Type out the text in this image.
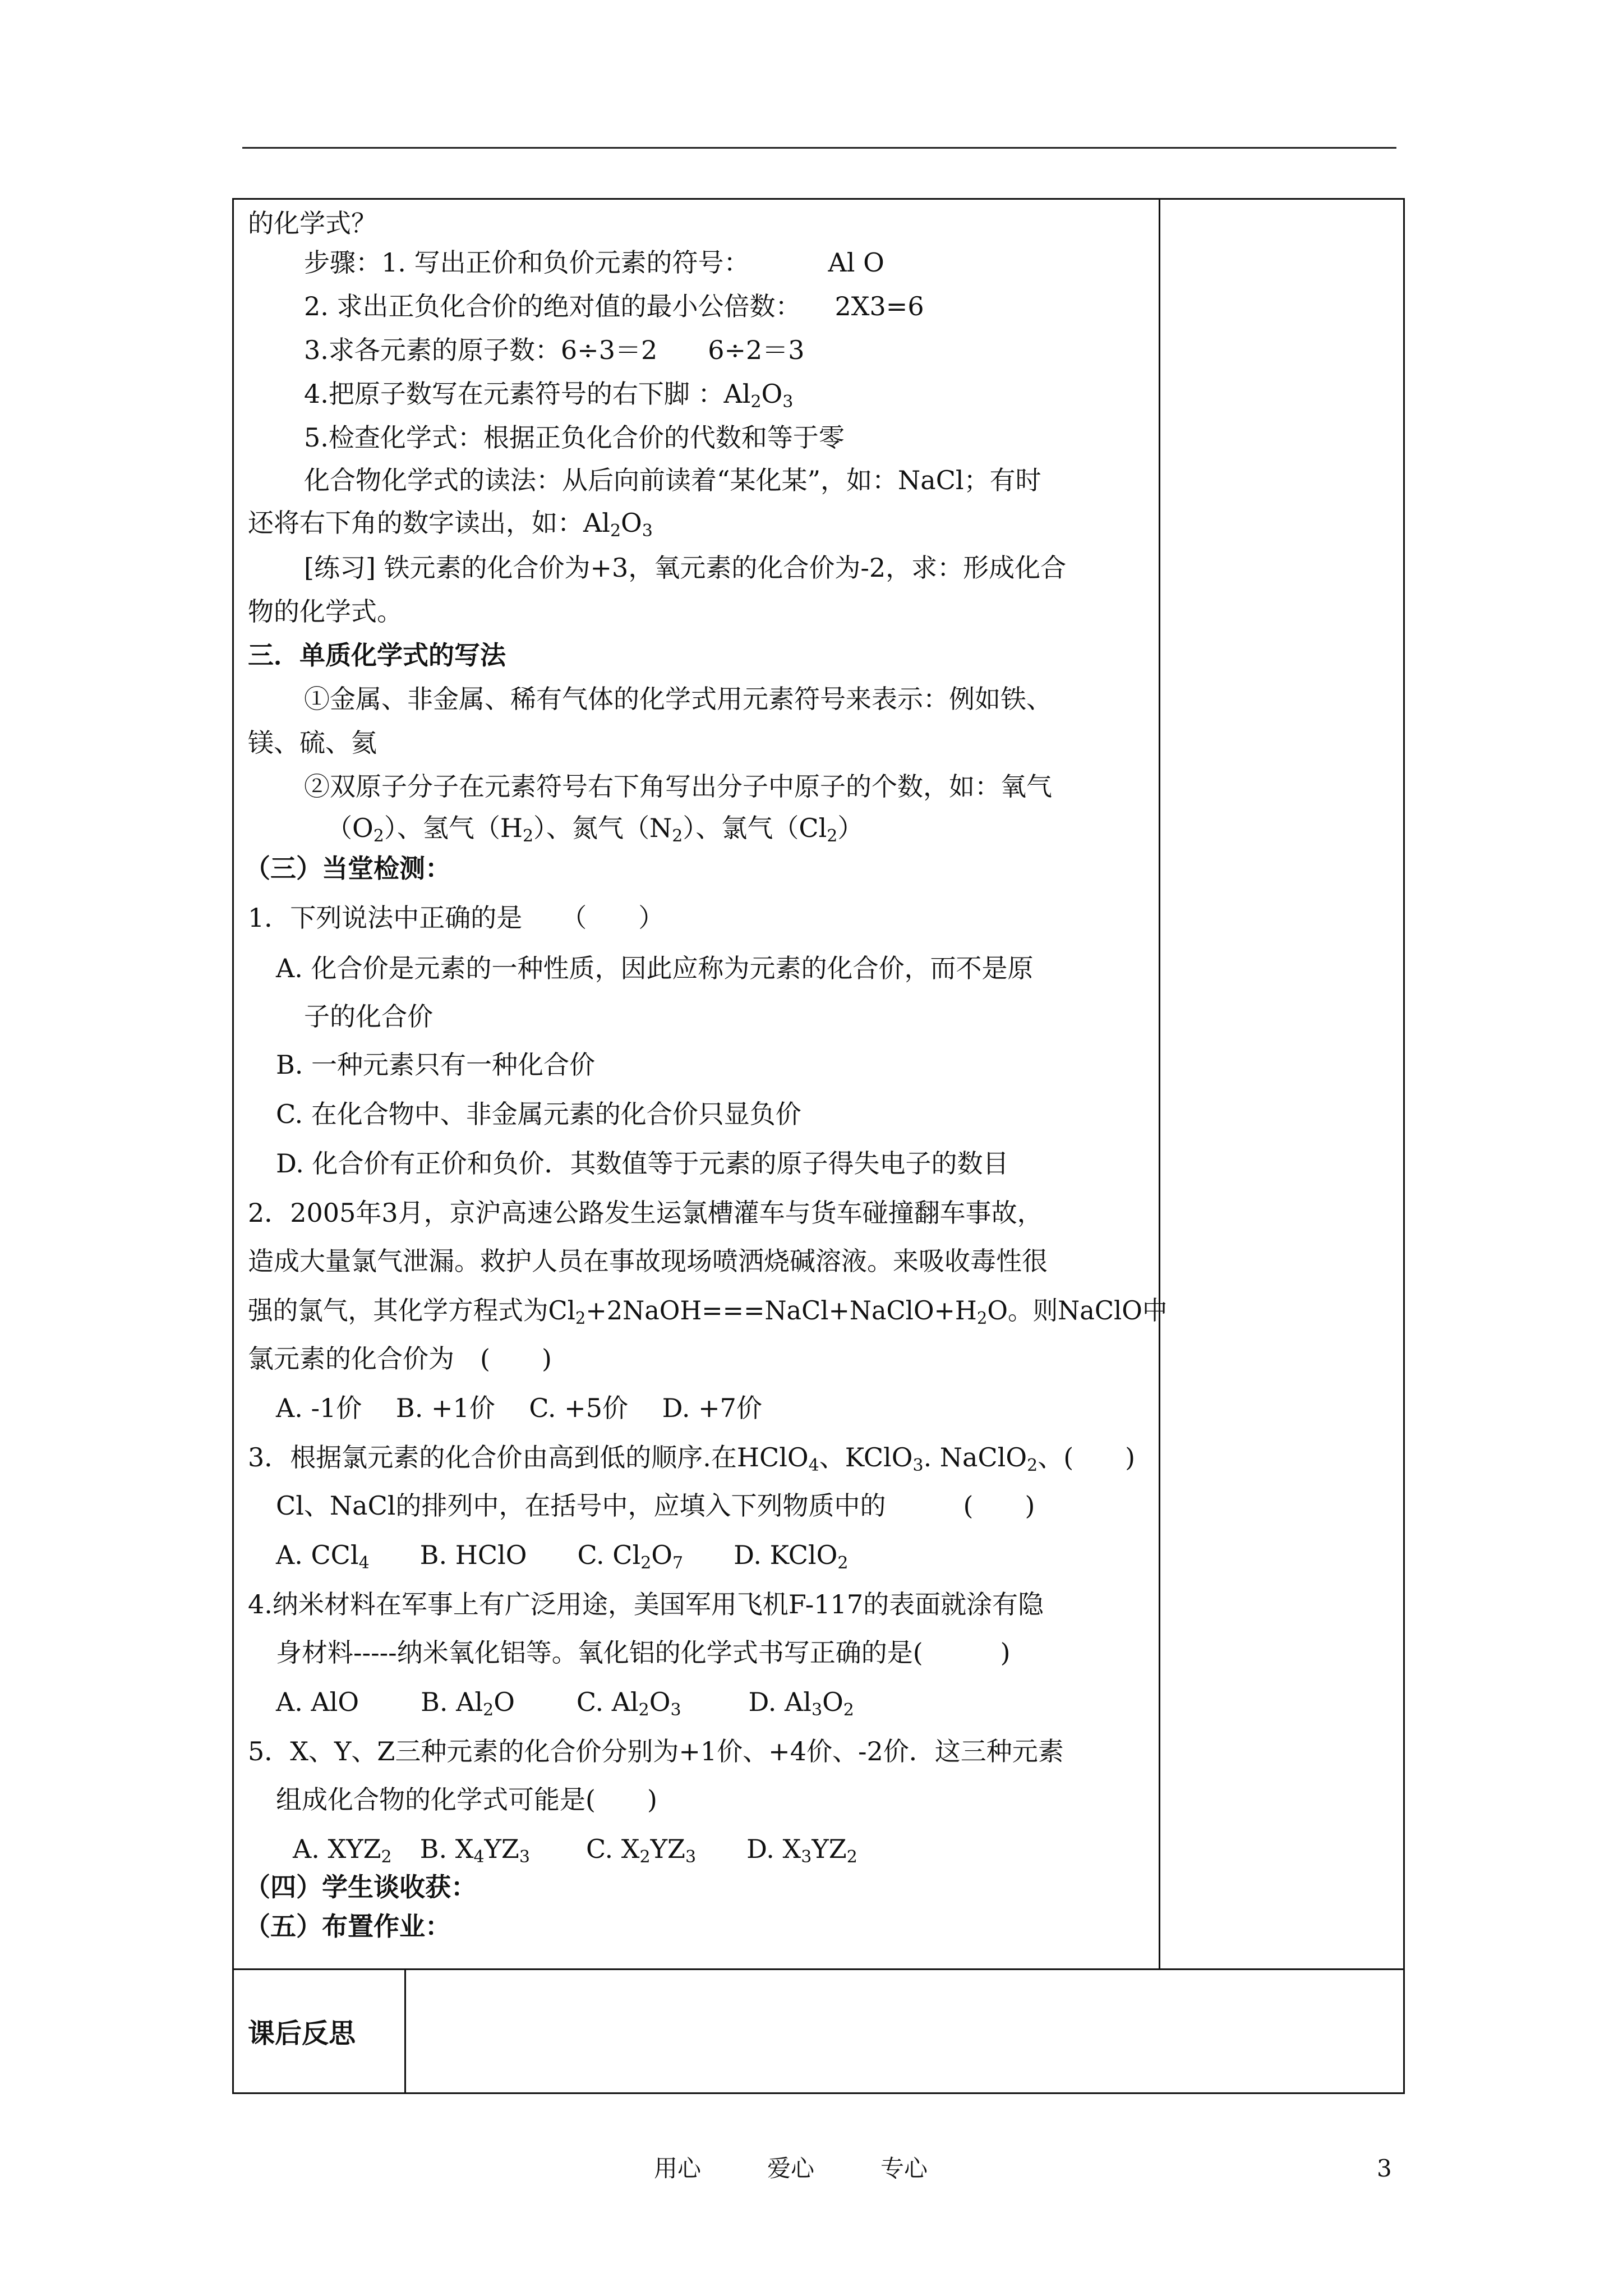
的化学式？
步骤：1. 写出正价和负价元素的符号：	Al O
2. 求出正负化合价的绝对值的最小公倍数： 2X3=6
3.求各元素的原子数：6÷3＝2 6÷2＝3
4.把原子数写在元素符号的右下脚 ：$Al_2O_3$
5.检查化学式：根据正负化合价的代数和等于零
化合物化学式的读法：从后向前读着“某化某”，如：NaCl；有时
还将右下角的数字读出，如：$Al_2O_3$
[练习] 铁元素的化合价为+3，氧元素的化合价为-2，求：形成化合
物的化学式。
三．单质化学式的写法
①金属、非金属、稀有气体的化学式用元素符号来表示：例如铁、
镁、硫、氦
②双原子分子在元素符号右下角写出分子中原子的个数，如：氧气
$(O_2)$、氢气$(H_2)$、氮气$(N_2)$、氯气$(Cl_2)$
（三）当堂检测：
1．下列说法中正确的是　　（　　）
A. 化合价是元素的一种性质，因此应称为元素的化合价，而不是原
子的化合价
B. 一种元素只有一种化合价
C. 在化合物中、非金属元素的化合价只显负价
D. 化合价有正价和负价．其数值等于元素的原子得失电子的数目
2．2005年3月，京沪高速公路发生运氯槽灌车与货车碰撞翻车事故，
造成大量氯气泄漏。救护人员在事故现场喷洒烧碱溶液。来吸收毒性很
强的氯气，其化学方程式为$Cl_2+2NaOH===NaCl+NaClO+H_2O$。则NaClO中
氯元素的化合价为　(　　)
A. -1价　 B. +1价　 C. +5价　 D. +7价
3．根据氯元素的化合价由高到低的顺序.在HClO$_4$、KClO$_3$. NaClO$_2$、(　　)
Cl、NaCl的排列中，在括号中，应填入下列物质中的　　　(　　)
A. CCl$_4$ B. HClO C. $Cl_2O_7$ D. KClO$_2$
4.纳米材料在军事上有广泛用途，美国军用飞机F-117的表面就涂有隐
身材料-----纳米氧化铝等。氧化铝的化学式书写正确的是(　　　)
A. AlO B. $Al_2O$ C. $Al_2O_3$	D. $Al_3O_2$
5．X、Y、Z三种元素的化合价分别为+1价、+4价、-2价．这三种元素
组成化合物的化学式可能是(　　)
A. $XYZ_2$ B. $X_4YZ_3$ C. $X_2YZ_3$ D. $X_3YZ_2$
（四）学生谈收获：
（五）布置作业：
课后反思
用心	爱心	专心	3
